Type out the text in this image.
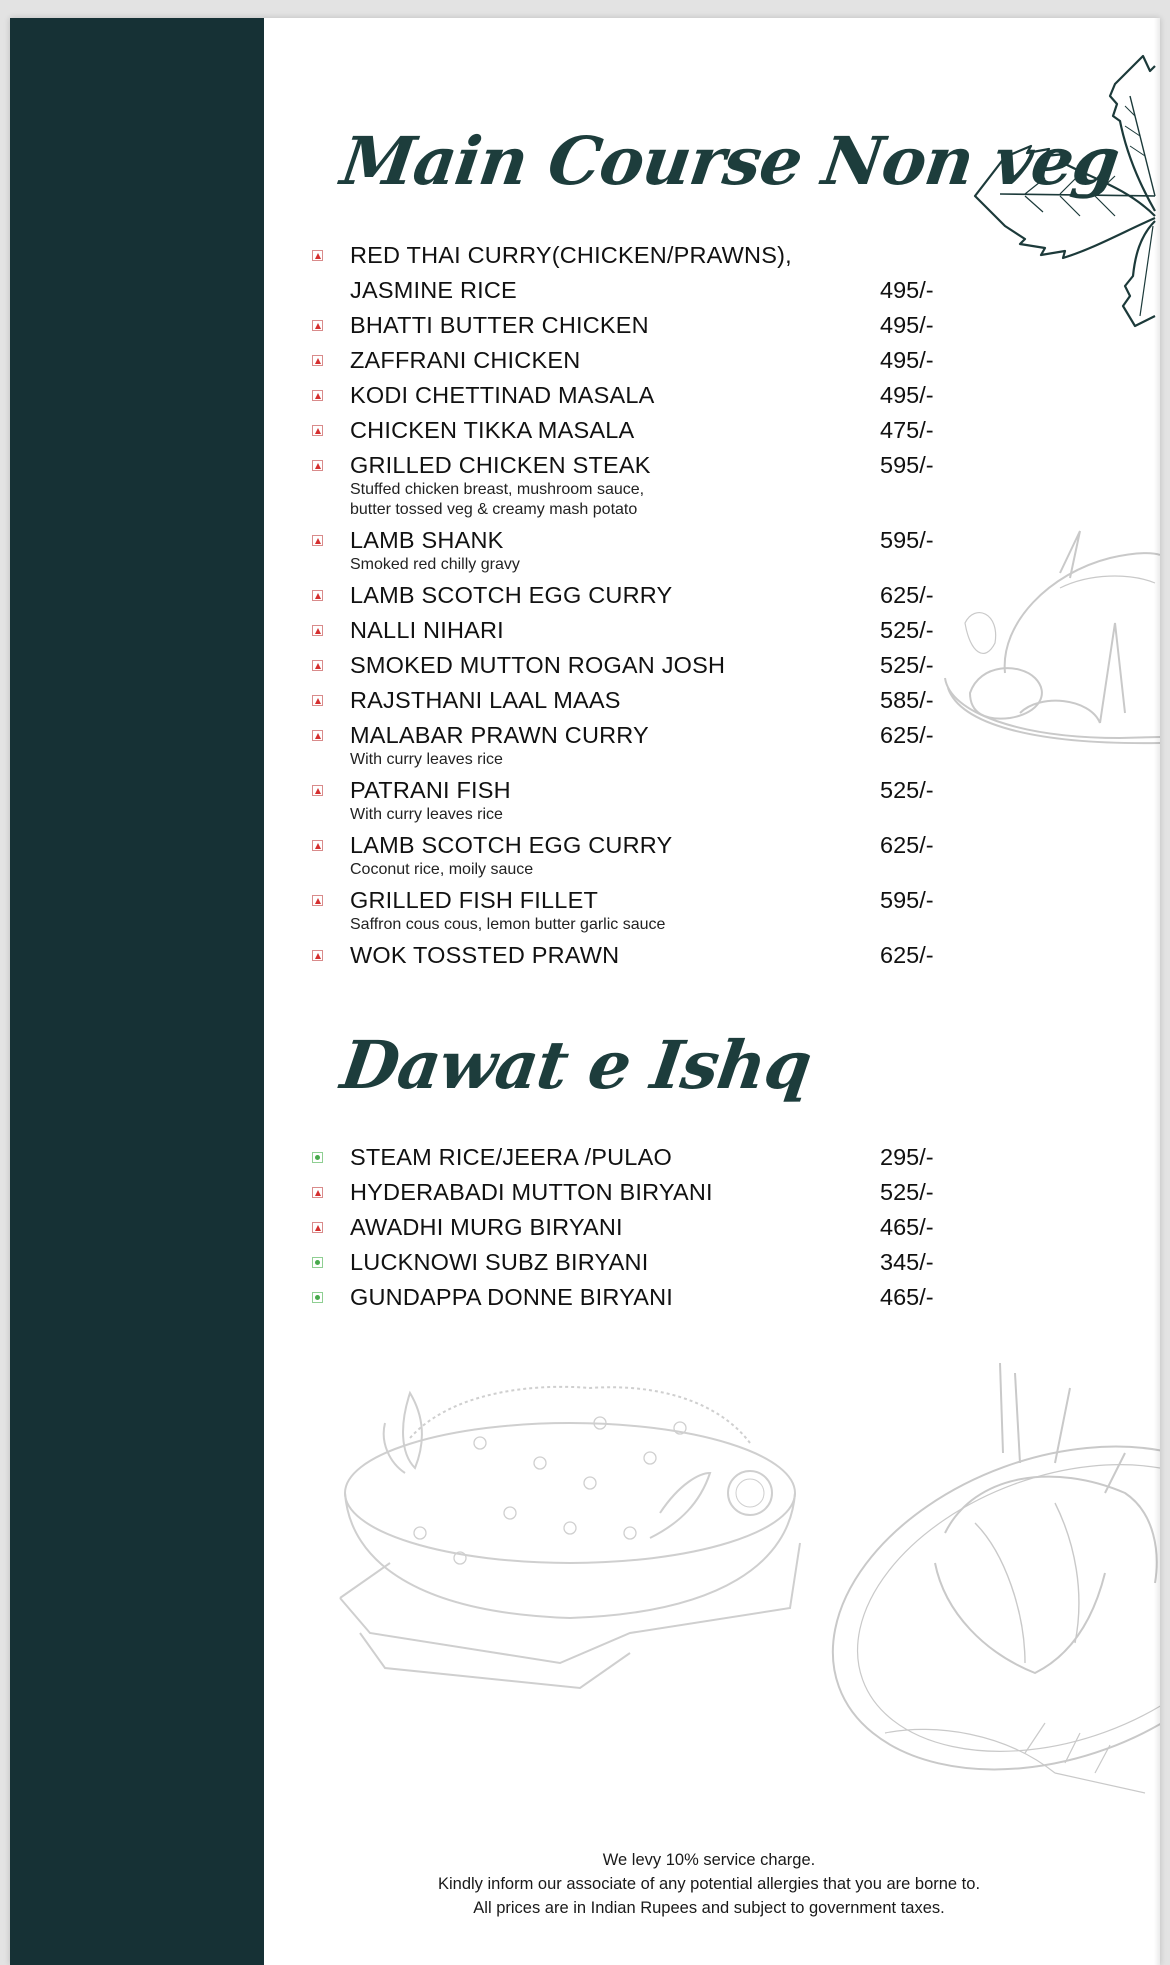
Main Course Non veg
RED THAI CURRY(CHICKEN/PRAWNS),
JASMINE RICE	495/-
BHATTI BUTTER CHICKEN	495/-
ZAFFRANI CHICKEN	495/-
KODI CHETTINAD MASALA	495/-
CHICKEN TIKKA MASALA	475/-
GRILLED CHICKEN STEAK	595/-
Stuffed chicken breast, mushroom sauce,
butter tossed veg & creamy mash potato
LAMB SHANK	595/-
Smoked red chilly gravy
LAMB SCOTCH EGG CURRY	625/-
NALLI NIHARI	525/-
SMOKED MUTTON ROGAN JOSH	525/-
RAJSTHANI LAAL MAAS	585/-
MALABAR PRAWN CURRY	625/-
With curry leaves rice
PATRANI FISH	525/-
With curry leaves rice
LAMB SCOTCH EGG CURRY	625/-
Coconut rice, moily sauce
GRILLED FISH FILLET	595/-
Saffron cous cous, lemon butter garlic sauce
WOK TOSSTED PRAWN	625/-
Dawat e Ishq
STEAM RICE/JEERA /PULAO	295/-
HYDERABADI MUTTON BIRYANI	525/-
AWADHI MURG BIRYANI	465/-
LUCKNOWI SUBZ BIRYANI	345/-
GUNDAPPA DONNE BIRYANI	465/-
We levy 10% service charge.
Kindly inform our associate of any potential allergies that you are borne to.
All prices are in Indian Rupees and subject to government taxes.
